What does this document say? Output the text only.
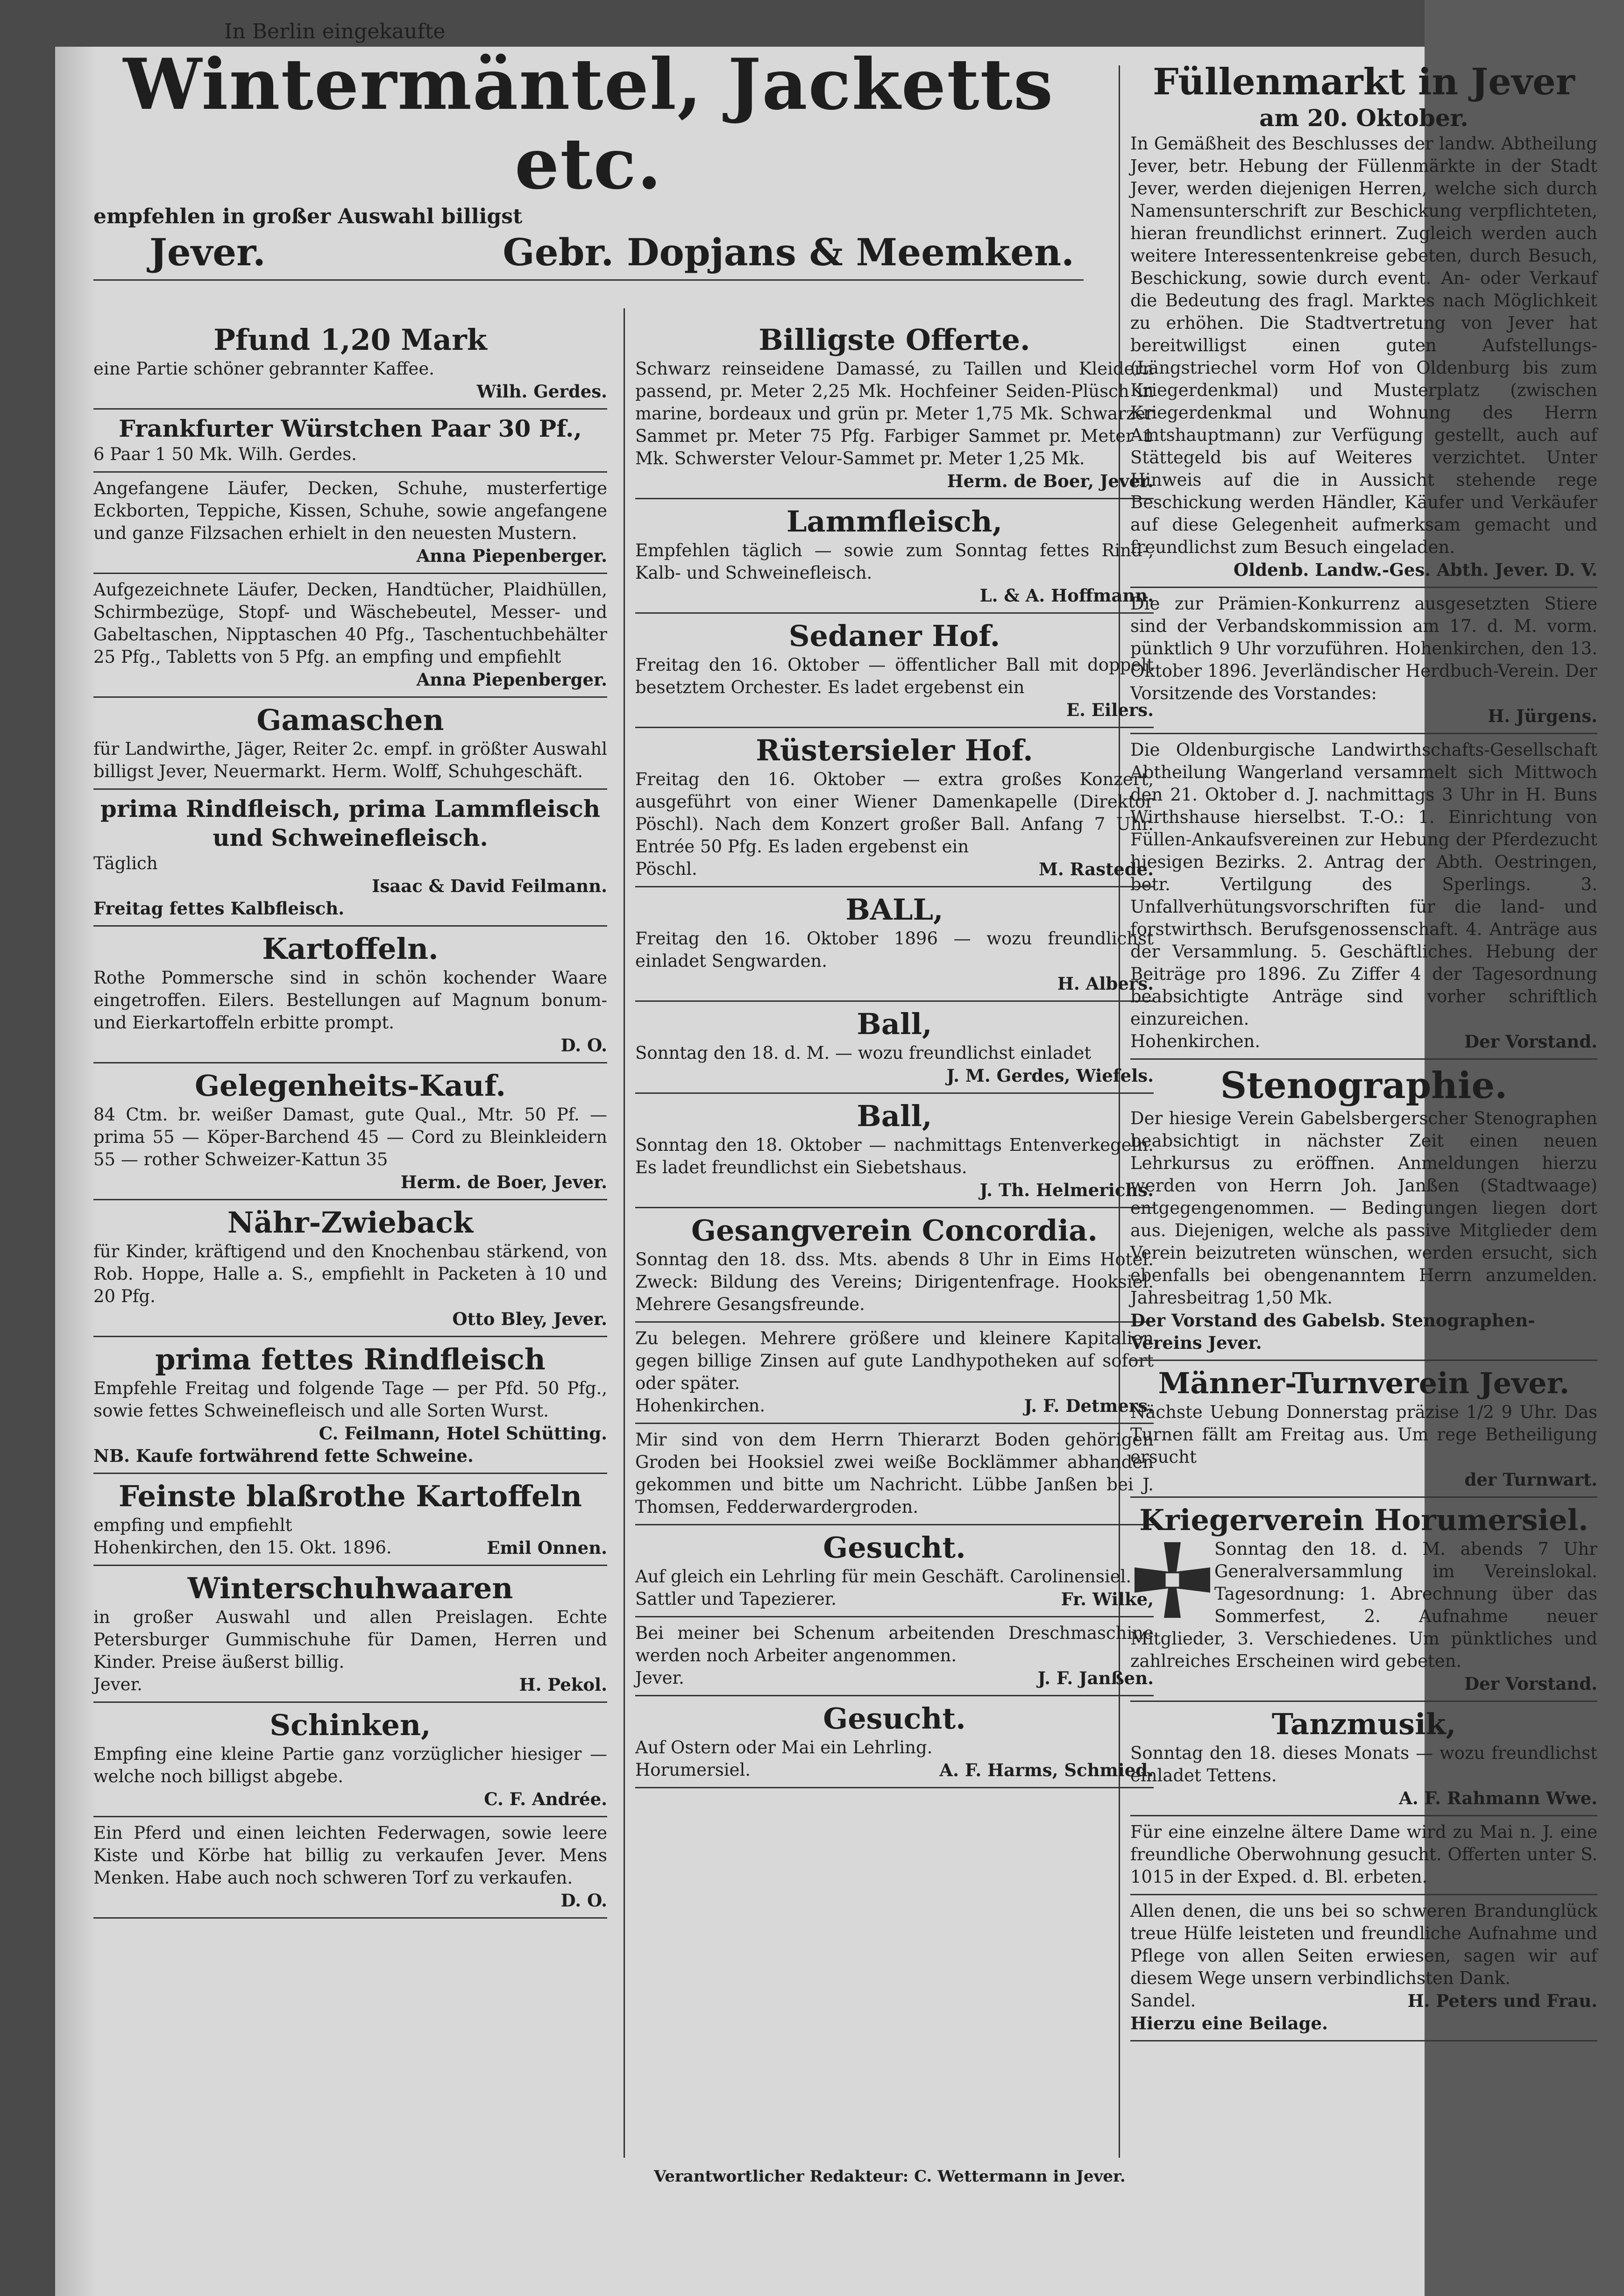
In Berlin eingekaufte
Wintermäntel, Jacketts etc.
empfehlen in großer Auswahl billigst
Jever.	Gebr. Dopjans & Meemken.
Pfund 1,20 Mark

eine Partie schöner gebrannter Kaffee.

Wilh. Gerdes.
Frankfurter Würstchen Paar 30 Pf.,

6 Paar 1 50 Mk. Wilh. Gerdes.

Angefangene Läufer, Decken, Schuhe, musterfertige Eckborten, Teppiche, Kissen, Schuhe, sowie angefangene und ganze Filzsachen erhielt in den neuesten Mustern.

Anna Piepenberger.

Aufgezeichnete Läufer, Decken, Handtücher, Plaidhüllen, Schirmbezüge, Stopf- und Wäschebeutel, Messer- und Gabeltaschen, Nipptaschen 40 Pfg., Taschentuchbehälter 25 Pfg., Tabletts von 5 Pfg. an empfing und empfiehlt

Anna Piepenberger.
Gamaschen

für Landwirthe, Jäger, Reiter 2c. empf. in größter Auswahl billigst Jever, Neuermarkt. Herm. Wolff, Schuhgeschäft.

prima Rindfleisch, prima Lammfleisch und Schweinefleisch.

Täglich

Isaac & David Feilmann.
Freitag fettes Kalbfleisch.
Kartoffeln.

Rothe Pommersche sind in schön kochender Waare eingetroffen. Eilers. Bestellungen auf Magnum bonum- und Eierkartoffeln erbitte prompt.

D. O.
Gelegenheits-Kauf.

84 Ctm. br. weißer Damast, gute Qual., Mtr. 50 Pf. — prima 55 — Köper-Barchend 45 — Cord zu Bleinkleidern 55 — rother Schweizer-Kattun 35

Herm. de Boer, Jever.
Nähr-Zwieback

für Kinder, kräftigend und den Knochenbau stärkend, von Rob. Hoppe, Halle a. S., empfiehlt in Packeten à 10 und 20 Pfg.

Otto Bley, Jever.
prima fettes Rindfleisch

Empfehle Freitag und folgende Tage — per Pfd. 50 Pfg., sowie fettes Schweinefleisch und alle Sorten Wurst.

C. Feilmann, Hotel Schütting.
NB. Kaufe fortwährend fette Schweine.
Feinste blaßrothe Kartoffeln

empfing und empfiehlt

Hohenkirchen, den 15. Okt. 1896.	Emil Onnen.
Winterschuhwaaren

in großer Auswahl und allen Preislagen. Echte Petersburger Gummischuhe für Damen, Herren und Kinder. Preise äußerst billig.

Jever.	H. Pekol.
Schinken,

Empfing eine kleine Partie ganz vorzüglicher hiesiger — welche noch billigst abgebe.

C. F. Andrée.

Ein Pferd und einen leichten Federwagen, sowie leere Kiste und Körbe hat billig zu verkaufen Jever. Mens Menken. Habe auch noch schweren Torf zu verkaufen.

D. O.
Billigste Offerte.

Schwarz reinseidene Damassé, zu Taillen und Kleidern passend, pr. Meter 2,25 Mk. Hochfeiner Seiden-Plüsch in marine, bordeaux und grün pr. Meter 1,75 Mk. Schwarzer Sammet pr. Meter 75 Pfg. Farbiger Sammet pr. Meter 1 Mk. Schwerster Velour-Sammet pr. Meter 1,25 Mk.

Herm. de Boer, Jever.
Lammfleisch,

Empfehlen täglich — sowie zum Sonntag fettes Rind-, Kalb- und Schweinefleisch.

L. & A. Hoffmann.
Sedaner Hof.

Freitag den 16. Oktober — öffentlicher Ball mit doppelt besetztem Orchester. Es ladet ergebenst ein

E. Eilers.
Rüstersieler Hof.

Freitag den 16. Oktober — extra großes Konzert, ausgeführt von einer Wiener Damenkapelle (Direktor Pöschl). Nach dem Konzert großer Ball. Anfang 7 Uhr. Entrée 50 Pfg. Es laden ergebenst ein

Pöschl.	M. Rastede.
BALL,

Freitag den 16. Oktober 1896 — wozu freundlichst einladet Sengwarden.

H. Albers.
Ball,

Sonntag den 18. d. M. — wozu freundlichst einladet

J. M. Gerdes, Wiefels.
Ball,

Sonntag den 18. Oktober — nachmittags Entenverkegeln. Es ladet freundlichst ein Siebetshaus.

J. Th. Helmerichs.
Gesangverein Concordia.

Sonntag den 18. dss. Mts. abends 8 Uhr in Eims Hotel. Zweck: Bildung des Vereins; Dirigentenfrage. Hooksiel. Mehrere Gesangsfreunde.

Zu belegen. Mehrere größere und kleinere Kapitalien gegen billige Zinsen auf gute Landhypotheken auf sofort oder später.

Hohenkirchen.	J. F. Detmers.

Mir sind von dem Herrn Thierarzt Boden gehörigen Groden bei Hooksiel zwei weiße Bocklämmer abhanden gekommen und bitte um Nachricht. Lübbe Janßen bei J. Thomsen, Fedderwardergroden.

Gesucht.

Auf gleich ein Lehrling für mein Geschäft. Carolinensiel.

Sattler und Tapezierer.	Fr. Wilke,

Bei meiner bei Schenum arbeitenden Dreschmaschine werden noch Arbeiter angenommen.

Jever.	J. F. Janßen.
Gesucht.

Auf Ostern oder Mai ein Lehrling.

Horumersiel.	A. F. Harms, Schmied.
Füllenmarkt in Jever
am 20. Oktober.

In Gemäßheit des Beschlusses der landw. Abtheilung Jever, betr. Hebung der Füllenmärkte in der Stadt Jever, werden diejenigen Herren, welche sich durch Namensunterschrift zur Beschickung verpflichteten, hieran freundlichst erinnert. Zugleich werden auch weitere Interessentenkreise gebeten, durch Besuch, Beschickung, sowie durch event. An- oder Verkauf die Bedeutung des fragl. Marktes nach Möglichkeit zu erhöhen. Die Stadtvertretung von Jever hat bereitwilligst einen guten Aufstellungs-(Längstriechel vorm Hof von Oldenburg bis zum Kriegerdenkmal) und Musterplatz (zwischen Kriegerdenkmal und Wohnung des Herrn Amtshauptmann) zur Verfügung gestellt, auch auf Stättegeld bis auf Weiteres verzichtet. Unter Hinweis auf die in Aussicht stehende rege Beschickung werden Händler, Käufer und Verkäufer auf diese Gelegenheit aufmerksam gemacht und freundlichst zum Besuch eingeladen.

Oldenb. Landw.-Ges. Abth. Jever. D. V.

Die zur Prämien-Konkurrenz ausgesetzten Stiere sind der Verbandskommission am 17. d. M. vorm. pünktlich 9 Uhr vorzuführen. Hohenkirchen, den 13. Oktober 1896. Jeverländischer Herdbuch-Verein. Der Vorsitzende des Vorstandes:

H. Jürgens.

Die Oldenburgische Landwirthschafts-Gesellschaft Abtheilung Wangerland versammelt sich Mittwoch den 21. Oktober d. J. nachmittags 3 Uhr in H. Buns Wirthshause hierselbst. T.-O.: 1. Einrichtung von Füllen-Ankaufsvereinen zur Hebung der Pferdezucht hiesigen Bezirks. 2. Antrag der Abth. Oestringen, betr. Vertilgung des Sperlings. 3. Unfallverhütungsvorschriften für die land- und forstwirthsch. Berufsgenossenschaft. 4. Anträge aus der Versammlung. 5. Geschäftliches. Hebung der Beiträge pro 1896. Zu Ziffer 4 der Tagesordnung beabsichtigte Anträge sind vorher schriftlich einzureichen.

Hohenkirchen.	Der Vorstand.
Stenographie.

Der hiesige Verein Gabelsbergerscher Stenographen beabsichtigt in nächster Zeit einen neuen Lehrkursus zu eröffnen. Anmeldungen hierzu werden von Herrn Joh. Janßen (Stadtwaage) entgegengenommen. — Bedingungen liegen dort aus. Diejenigen, welche als passive Mitglieder dem Verein beizutreten wünschen, werden ersucht, sich ebenfalls bei obengenanntem Herrn anzumelden. Jahresbeitrag 1,50 Mk.

Der Vorstand des Gabelsb. Stenographen-Vereins Jever.
Männer-Turnverein Jever.

Nächste Uebung Donnerstag präzise 1/2 9 Uhr. Das Turnen fällt am Freitag aus. Um rege Betheiligung ersucht

der Turnwart.
Kriegerverein Horumersiel.

Sonntag den 18. d. M. abends 7 Uhr Generalversammlung im Vereinslokal. Tagesordnung: 1. Abrechnung über das Sommerfest, 2. Aufnahme neuer Mitglieder, 3. Verschiedenes. Um pünktliches und zahlreiches Erscheinen wird gebeten.

Der Vorstand.
Tanzmusik,

Sonntag den 18. dieses Monats — wozu freundlichst einladet Tettens.

A. F. Rahmann Wwe.

Für eine einzelne ältere Dame wird zu Mai n. J. eine freundliche Oberwohnung gesucht. Offerten unter S. 1015 in der Exped. d. Bl. erbeten.

Allen denen, die uns bei so schweren Brandunglück treue Hülfe leisteten und freundliche Aufnahme und Pflege von allen Seiten erwiesen, sagen wir auf diesem Wege unsern verbindlichsten Dank.

Sandel.	H. Peters und Frau.
Hierzu eine Beilage.
Verantwortlicher Redakteur: C. Wettermann in Jever.
